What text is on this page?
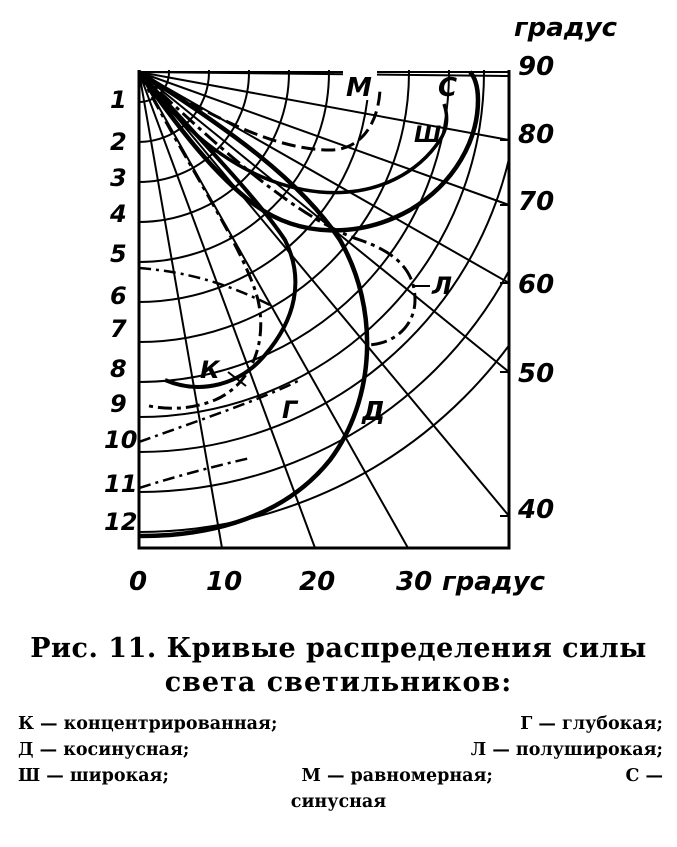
градус
90
80
70
60
50
40
1
2
3
4
5
6
7
8
9
10
11
12
0 10 20 30 градус
М	С
Ш
Л
К
Г Д
Рис. 11. Кривые распределения силы
света светильников:
К — концентрированная;	Г — глубокая;
Д — косинусная;	Л — полуширокая;
Ш — широкая;	М — равномерная;	С —
синусная
